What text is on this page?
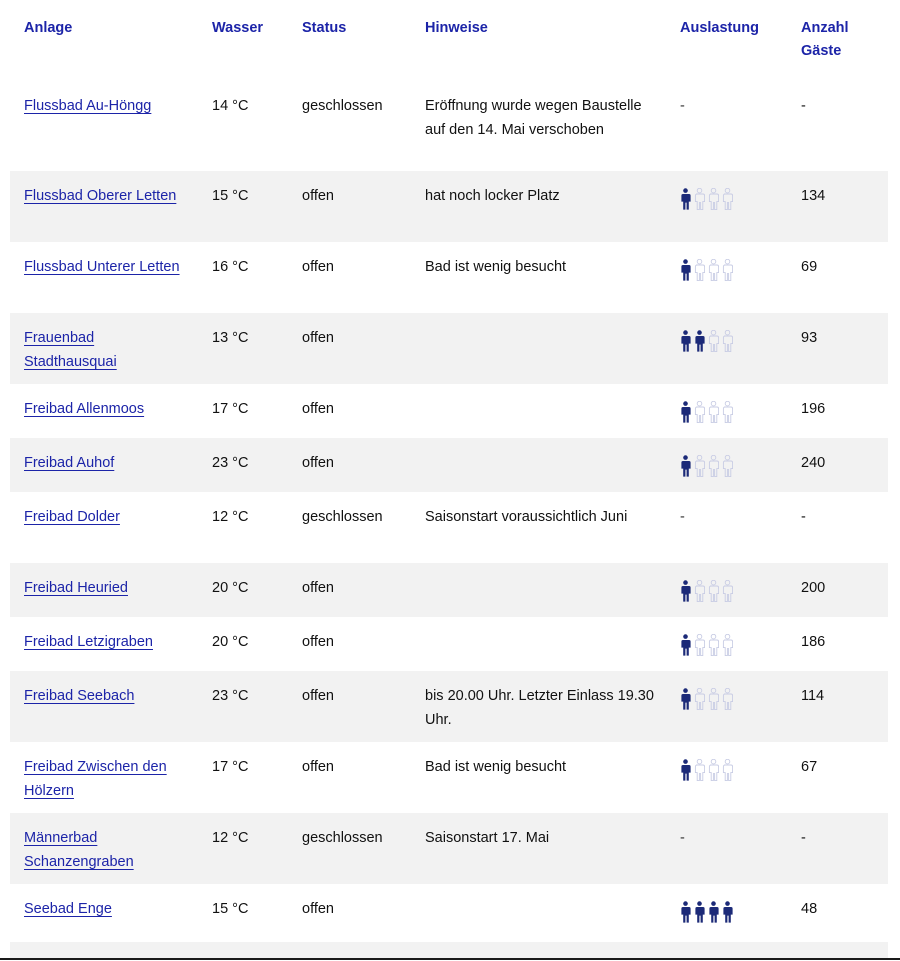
Anlage	Wasser	Status	Hinweise	Auslastung	Anzahl Gäste
Flussbad Au-Höngg	14 °C	geschlossen	Eröffnung wurde wegen Baustelle auf den 14. Mai verschoben	-	-
Flussbad Oberer Letten	15 °C	offen	hat noch locker Platz		134
Flussbad Unterer Letten	16 °C	offen	Bad ist wenig besucht		69
Frauenbad Stadthausquai	13 °C	offen			93
Freibad Allenmoos	17 °C	offen			196
Freibad Auhof	23 °C	offen			240
Freibad Dolder	12 °C	geschlossen	Saisonstart voraussichtlich Juni	-	-
Freibad Heuried	20 °C	offen			200
Freibad Letzigraben	20 °C	offen			186
Freibad Seebach	23 °C	offen	bis 20.00 Uhr. Letzter Einlass 19.30 Uhr.		114
Freibad Zwischen den Hölzern	17 °C	offen	Bad ist wenig besucht		67
Männerbad Schanzengraben	12 °C	geschlossen	Saisonstart 17. Mai	-	-
Seebad Enge	15 °C	offen			48
